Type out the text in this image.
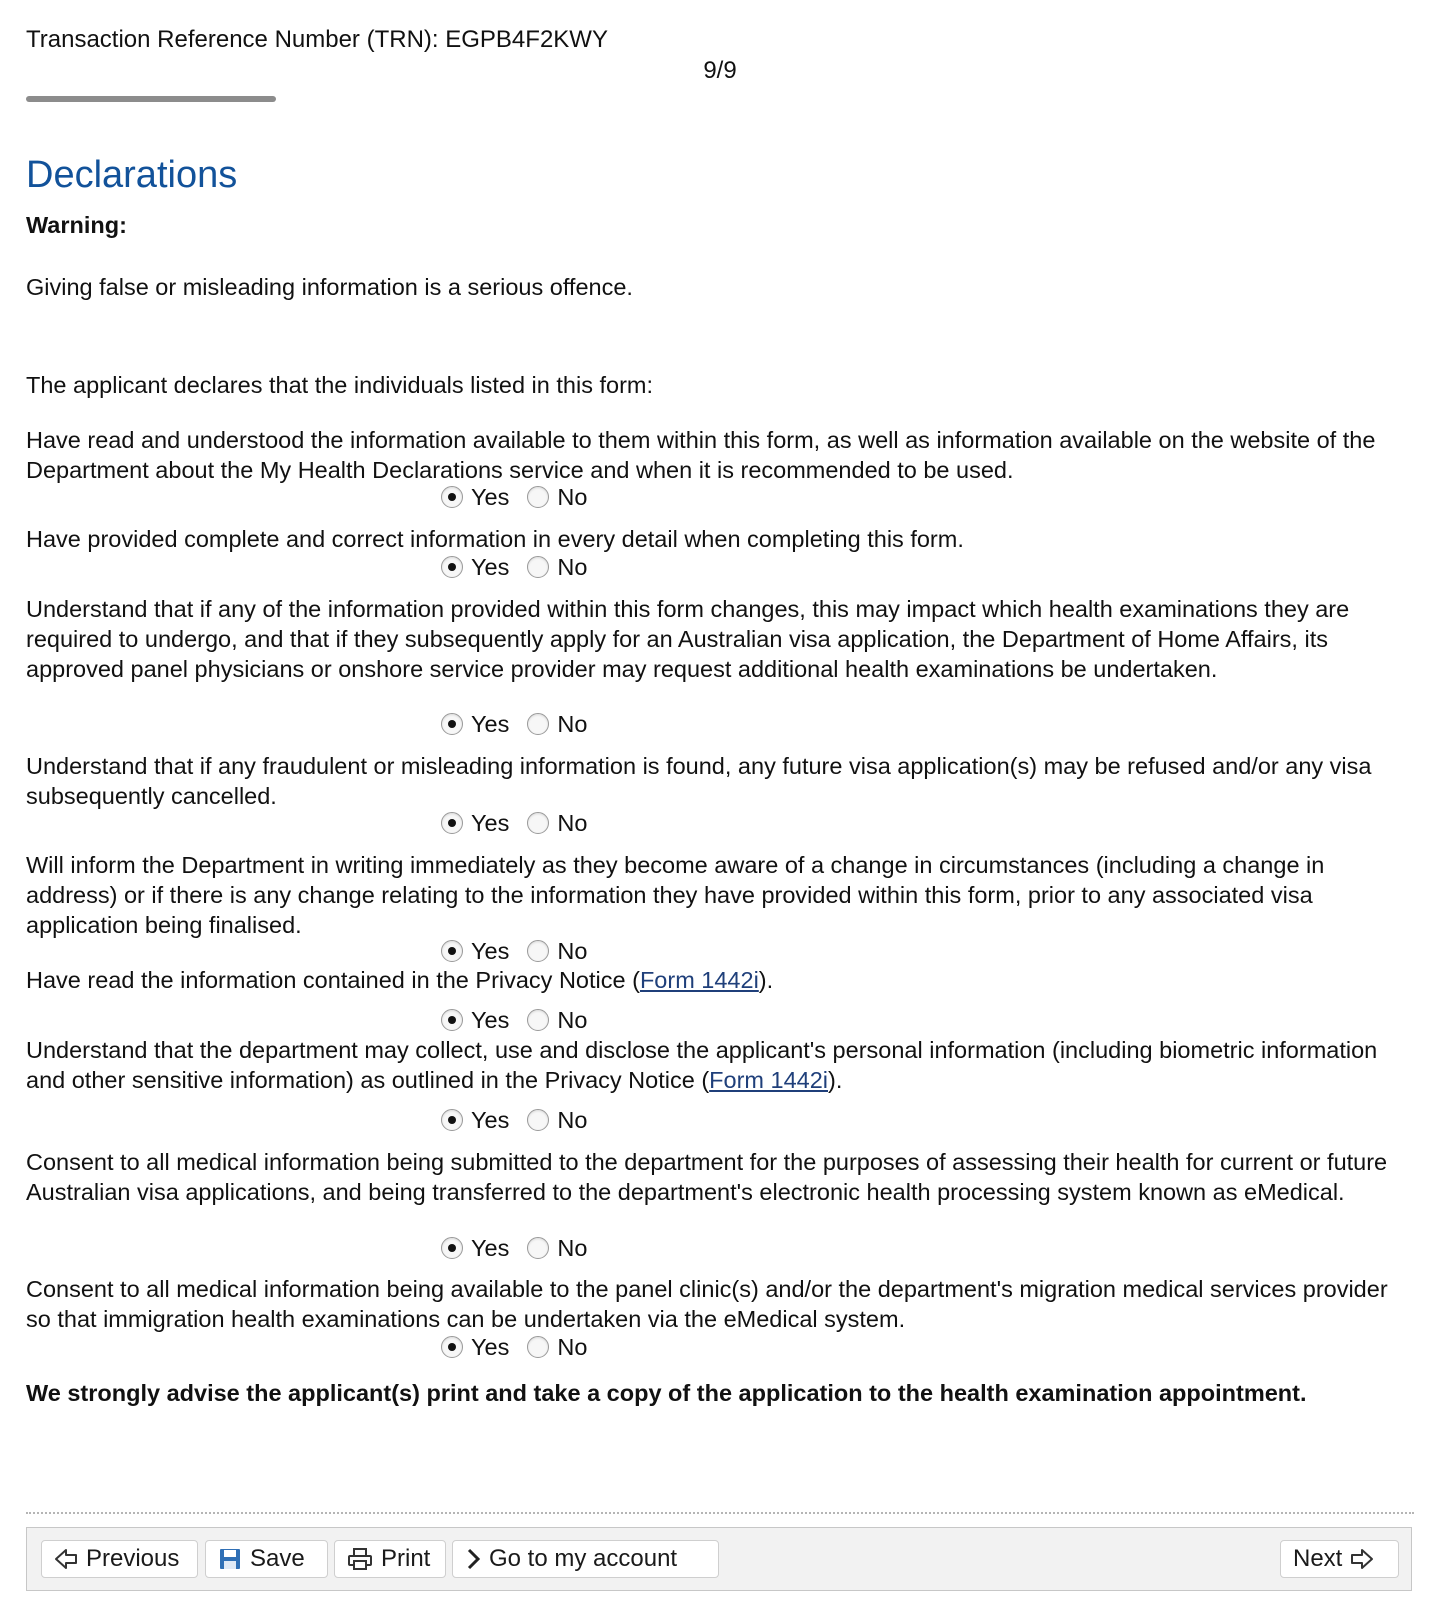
Transaction Reference Number (TRN): EGPB4F2KWY
9/9
Declarations
Warning:
Giving false or misleading information is a serious offence.
The applicant declares that the individuals listed in this form:
Have read and understood the information available to them within this form, as well as information available on the website of the Department about the My Health Declarations service and when it is recommended to be used.
Yes No
Have provided complete and correct information in every detail when completing this form.
Yes No
Understand that if any of the information provided within this form changes, this may impact which health examinations they are required to undergo, and that if they subsequently apply for an Australian visa application, the Department of Home Affairs, its approved panel physicians or onshore service provider may request additional health examinations be undertaken.
Yes No
Understand that if any fraudulent or misleading information is found, any future visa application(s) may be refused and/or any visa subsequently cancelled.
Yes No
Will inform the Department in writing immediately as they become aware of a change in circumstances (including a change in address) or if there is any change relating to the information they have provided within this form, prior to any associated visa application being finalised.
Yes No
Have read the information contained in the Privacy Notice (Form 1442i).
Yes No
Understand that the department may collect, use and disclose the applicant's personal information (including biometric information and other sensitive information) as outlined in the Privacy Notice (Form 1442i).
Yes No
Consent to all medical information being submitted to the department for the purposes of assessing their health for current or future Australian visa applications, and being transferred to the department's electronic health processing system known as eMedical.
Yes No
Consent to all medical information being available to the panel clinic(s) and/or the department's migration medical services provider so that immigration health examinations can be undertaken via the eMedical system.
Yes No
We strongly advise the applicant(s) print and take a copy of the application to the health examination appointment.
Previous	Save	Print Go to my account	Next
